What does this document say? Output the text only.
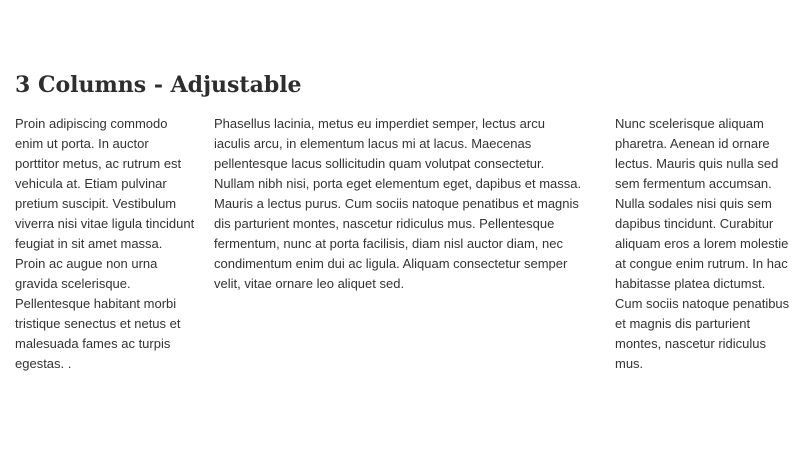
3 Columns - Adjustable

Proin adipiscing commodo enim ut porta. In auctor porttitor metus, ac rutrum est vehicula at. Etiam pulvinar pretium suscipit. Vestibulum viverra nisi vitae ligula tincidunt feugiat in sit amet massa. Proin ac augue non urna gravida scelerisque. Pellentesque habitant morbi tristique senectus et netus et malesuada fames ac turpis egestas. .

Phasellus lacinia, metus eu imperdiet semper, lectus arcu iaculis arcu, in elementum lacus mi at lacus. Maecenas pellentesque lacus sollicitudin quam volutpat consectetur. Nullam nibh nisi, porta eget elementum eget, dapibus et massa. Mauris a lectus purus. Cum sociis natoque penatibus et magnis dis parturient montes, nascetur ridiculus mus. Pellentesque fermentum, nunc at porta facilisis, diam nisl auctor diam, nec condimentum enim dui ac ligula. Aliquam consectetur semper velit, vitae ornare leo aliquet sed.

Nunc scelerisque aliquam pharetra. Aenean id ornare lectus. Mauris quis nulla sed sem fermentum accumsan. Nulla sodales nisi quis sem dapibus tincidunt. Curabitur aliquam eros a lorem molestie at congue enim rutrum. In hac habitasse platea dictumst. Cum sociis natoque penatibus et magnis dis parturient montes, nascetur ridiculus mus.
